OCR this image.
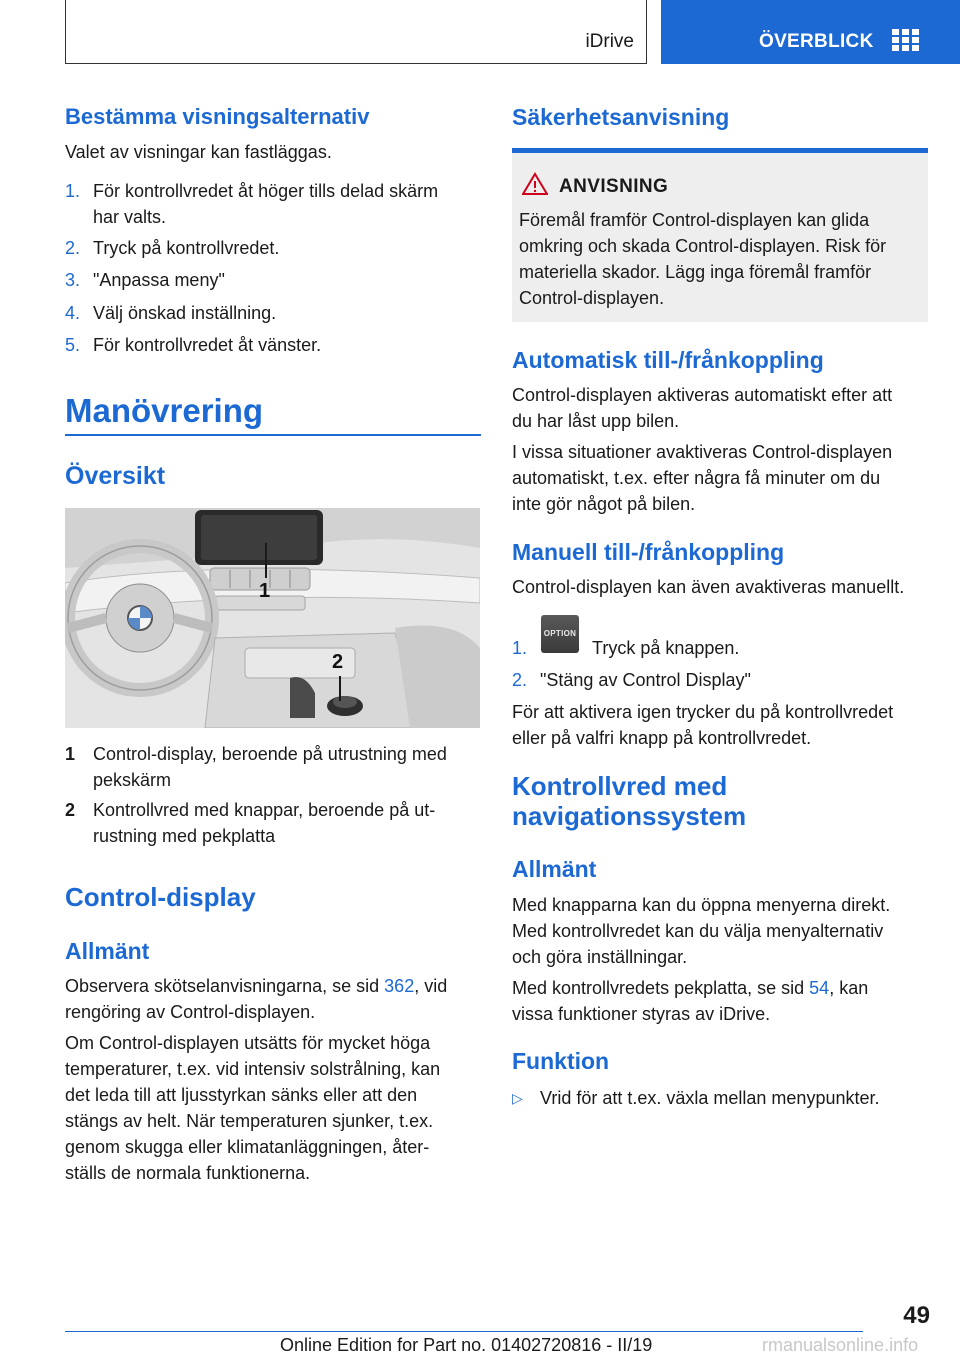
iDrive	ÖVERBLICK
Bestämma visningsalternativ

Valet av visningar kan fastläggas.

1. För kontrollvredet åt höger tills delad skärm
har valts.
2. Tryck på kontrollvredet.
3. "Anpassa meny"
4. Välj önskad inställning.
5. För kontrollvredet åt vänster.
Manövrering
Översikt
1
2
1 Control-display, beroende på utrustning med
pekskärm
2 Kontrollvred med knappar, beroende på ut-
rustning med pekplatta
Control-display
Allmänt

Observera skötselanvisningarna, se sid 362, vid

rengöring av Control-displayen.

Om Control-displayen utsätts för mycket höga

temperaturer, t.ex. vid intensiv solstrålning, kan

det leda till att ljusstyrkan sänks eller att den

stängs av helt. När temperaturen sjunker, t.ex.

genom skugga eller klimatanläggningen, åter-

ställs de normala funktionerna.

Säkerhetsanvisning
ANVISNING
Föremål framför Control-displayen kan glida
omkring och skada Control-displayen. Risk för
materiella skador. Lägg inga föremål framför
Control-displayen.
Automatisk till-/frånkoppling

Control-displayen aktiveras automatiskt efter att

du har låst upp bilen.

I vissa situationer avaktiveras Control-displayen

automatiskt, t.ex. efter några få minuter om du

inte gör något på bilen.

Manuell till-/frånkoppling

Control-displayen kan även avaktiveras manuellt.

1.	Tryck på knappen.
2. "Stäng av Control Display"

För att aktivera igen trycker du på kontrollvredet

eller på valfri knapp på kontrollvredet.

Kontrollvred med
navigationssystem
Allmänt

Med knapparna kan du öppna menyerna direkt.

Med kontrollvredet kan du välja menyalternativ

och göra inställningar.

Med kontrollvredets pekplatta, se sid 54, kan

vissa funktioner styras av iDrive.

Funktion
▷ Vrid för att t.ex. växla mellan menypunkter.
OPTION
49
Online Edition for Part no. 01402720816 - II/19	rmanualsonline.info
